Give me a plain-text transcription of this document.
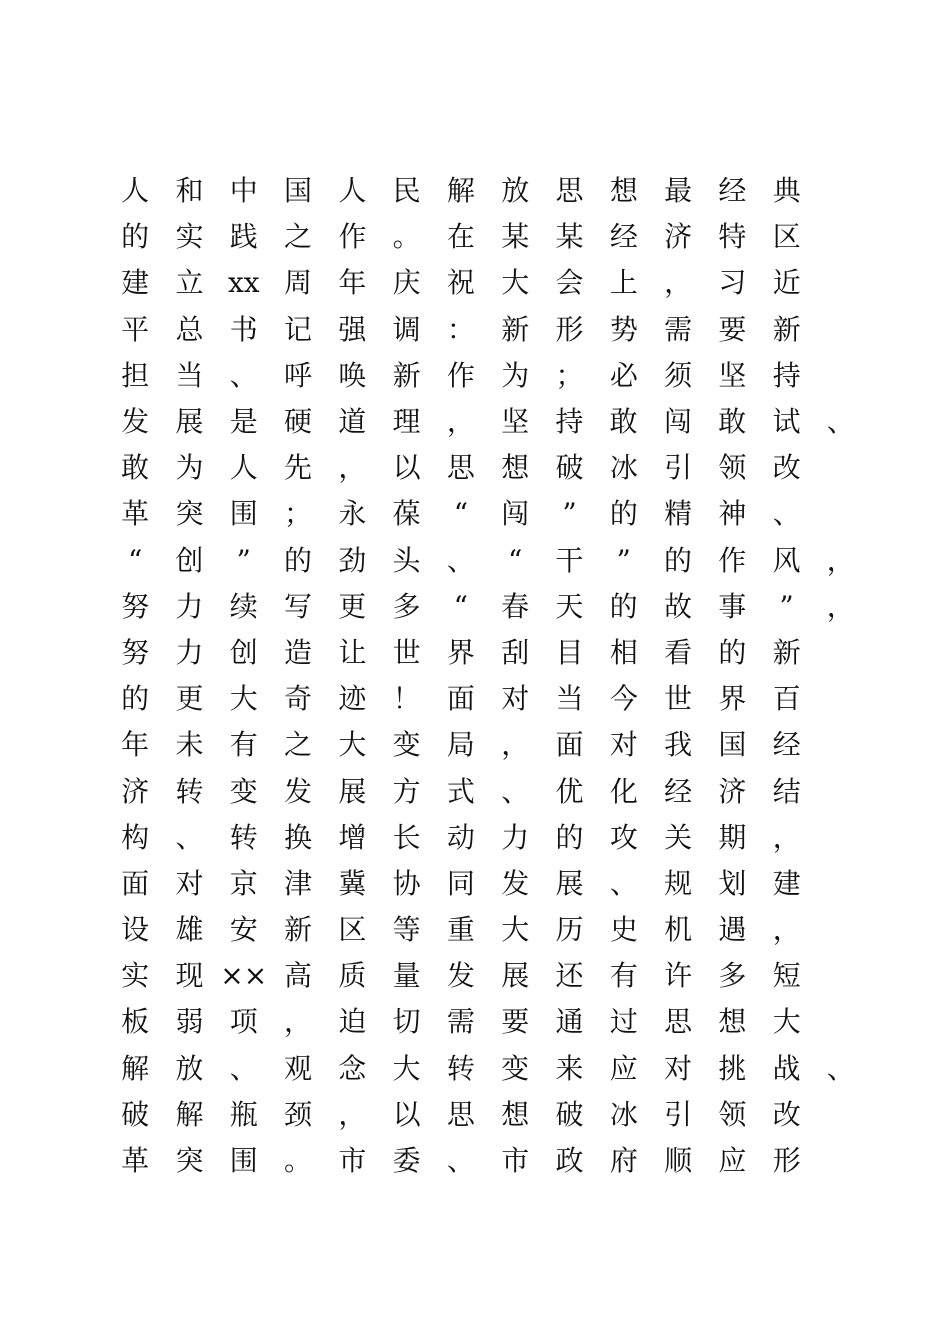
人 和 中 国 人 民 解 放 思 想 最 经 典
的 实 践 之 作 。 在 某 某 经 济 特 区
建 立 xx 周 年 庆 祝 大 会 上 ， 习 近
平 总 书 记 强 调 ： 新 形 势 需 要 新
担 当 、 呼 唤 新 作 为 ； 必 须 坚 持
发 展 是 硬 道 理 ， 坚 持 敢 闯 敢 试 、
敢 为 人 先 ， 以 思 想 破 冰 引 领 改
革 突 围 ； 永 葆	“	闯	”	的 精 神 、
“	创	”	的 劲 头 、	“	干	”	的 作 风 ，
努 力 续 写 更 多	“	春 天 的 故 事	”	，
努 力 创 造 让 世 界 刮 目 相 看 的 新
的 更 大 奇 迹 ！ 面 对 当 今 世 界 百
年 未 有 之 大 变 局 ， 面 对 我 国 经
济 转 变 发 展 方 式 、 优 化 经 济 结
构 、 转 换 增 长 动 力 的 攻 关 期 ，
面 对 京 津 冀 协 同 发 展 、 规 划 建
设 雄 安 新 区 等 重 大 历 史 机 遇 ，
实 现 ×× 高 质 量 发 展 还 有 许 多 短
板 弱 项 ， 迫 切 需 要 通 过 思 想 大
解 放 、 观 念 大 转 变 来 应 对 挑 战 、
破 解 瓶 颈 ， 以 思 想 破 冰 引 领 改
革 突 围 。 市 委 、 市 政 府 顺 应 形
